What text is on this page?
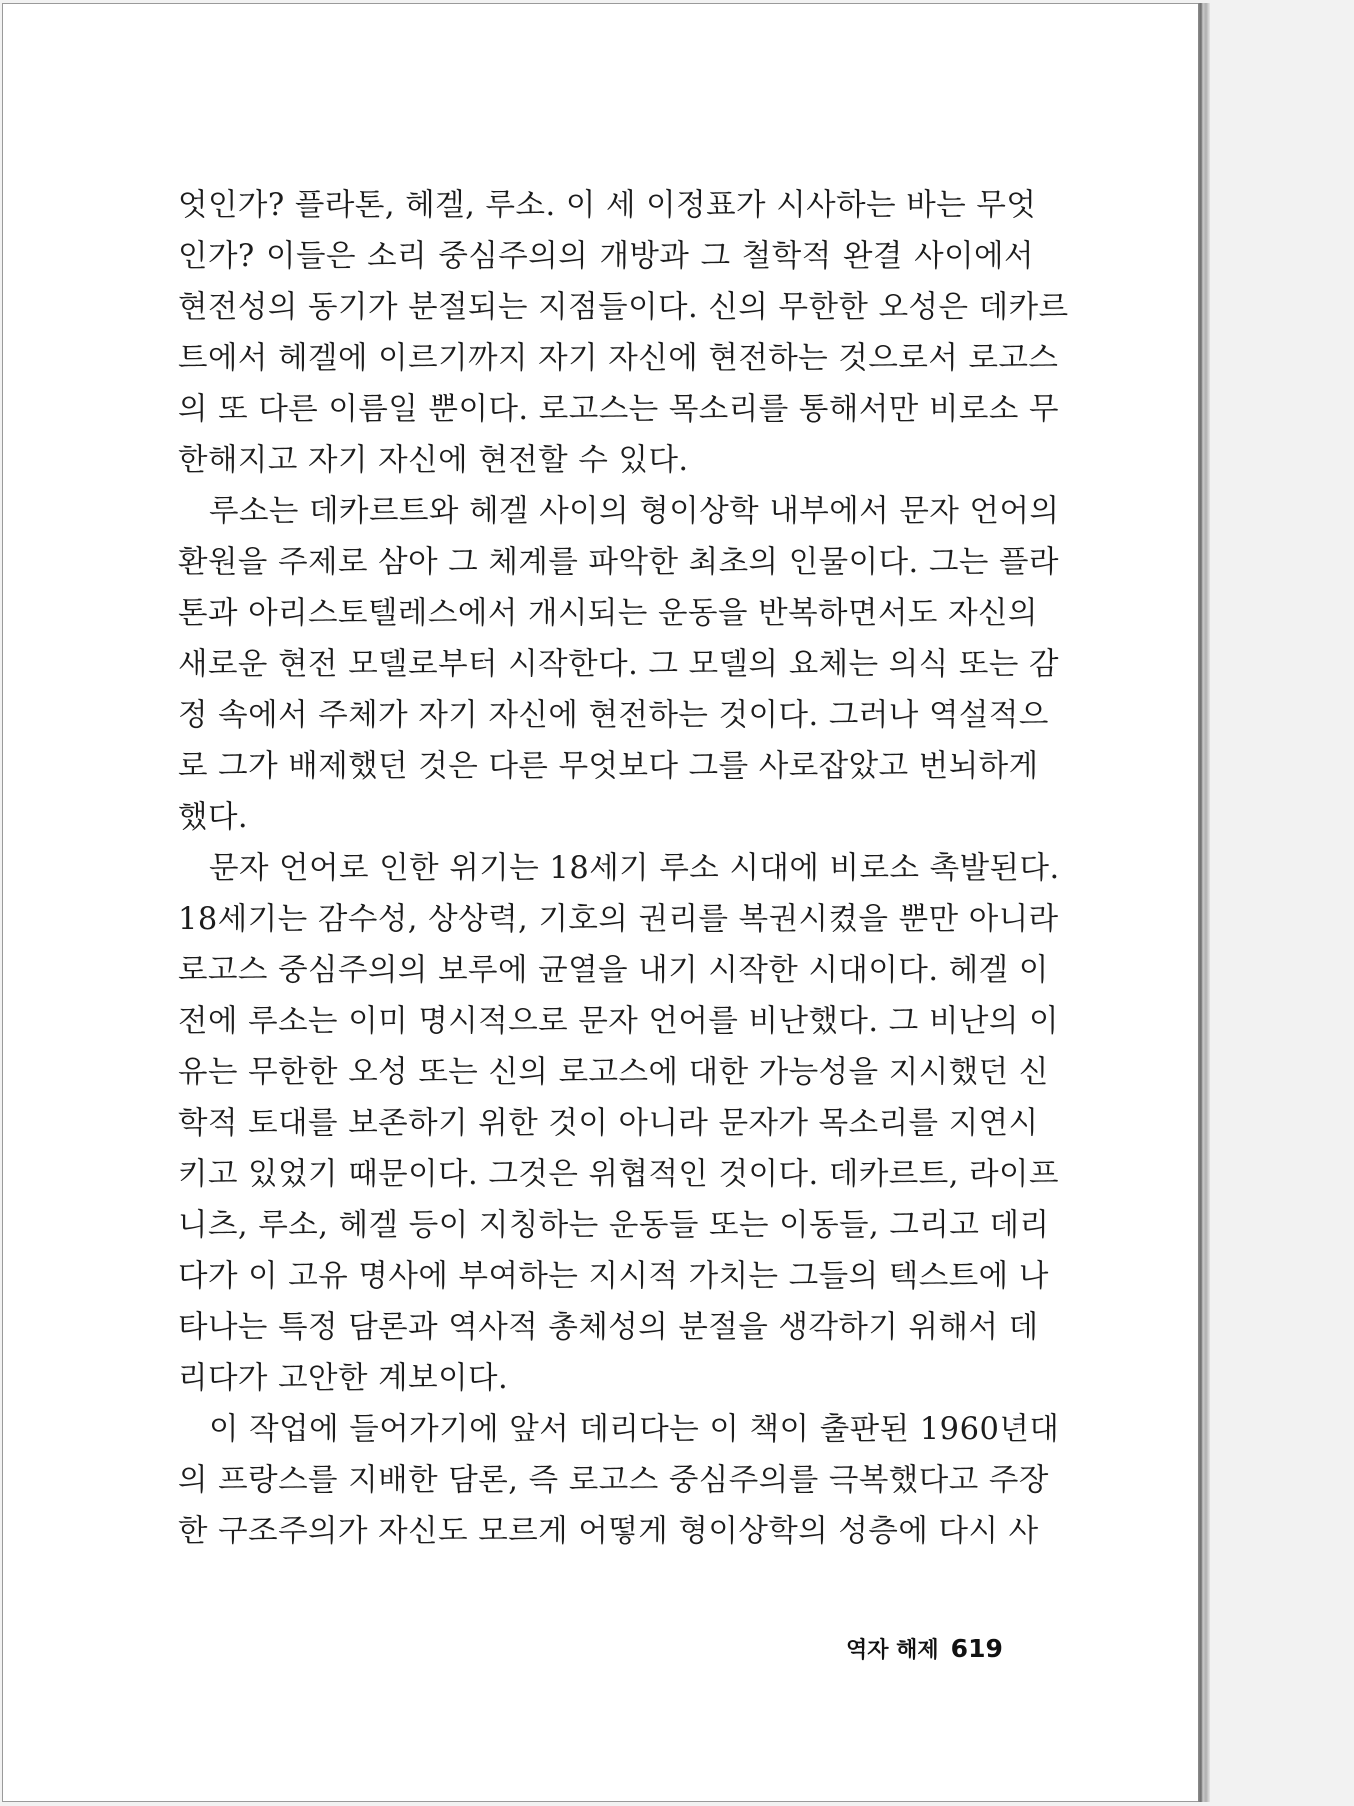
엇인가? 플라톤, 헤겔, 루소. 이 세 이정표가 시사하는 바는 무엇
인가? 이들은 소리 중심주의의 개방과 그 철학적 완결 사이에서
현전성의 동기가 분절되는 지점들이다. 신의 무한한 오성은 데카르
트에서 헤겔에 이르기까지 자기 자신에 현전하는 것으로서 로고스
의 또 다른 이름일 뿐이다. 로고스는 목소리를 통해서만 비로소 무
한해지고 자기 자신에 현전할 수 있다.
루소는 데카르트와 헤겔 사이의 형이상학 내부에서 문자 언어의
환원을 주제로 삼아 그 체계를 파악한 최초의 인물이다. 그는 플라
톤과 아리스토텔레스에서 개시되는 운동을 반복하면서도 자신의
새로운 현전 모델로부터 시작한다. 그 모델의 요체는 의식 또는 감
정 속에서 주체가 자기 자신에 현전하는 것이다. 그러나 역설적으
로 그가 배제했던 것은 다른 무엇보다 그를 사로잡았고 번뇌하게
했다.
문자 언어로 인한 위기는 18세기 루소 시대에 비로소 촉발된다.
18세기는 감수성, 상상력, 기호의 권리를 복권시켰을 뿐만 아니라
로고스 중심주의의 보루에 균열을 내기 시작한 시대이다. 헤겔 이
전에 루소는 이미 명시적으로 문자 언어를 비난했다. 그 비난의 이
유는 무한한 오성 또는 신의 로고스에 대한 가능성을 지시했던 신
학적 토대를 보존하기 위한 것이 아니라 문자가 목소리를 지연시
키고 있었기 때문이다. 그것은 위협적인 것이다. 데카르트, 라이프
니츠, 루소, 헤겔 등이 지칭하는 운동들 또는 이동들, 그리고 데리
다가 이 고유 명사에 부여하는 지시적 가치는 그들의 텍스트에 나
타나는 특정 담론과 역사적 총체성의 분절을 생각하기 위해서 데
리다가 고안한 계보이다.
이 작업에 들어가기에 앞서 데리다는 이 책이 출판된 1960년대
의 프랑스를 지배한 담론, 즉 로고스 중심주의를 극복했다고 주장
한 구조주의가 자신도 모르게 어떻게 형이상학의 성층에 다시 사
역자 해제 619
